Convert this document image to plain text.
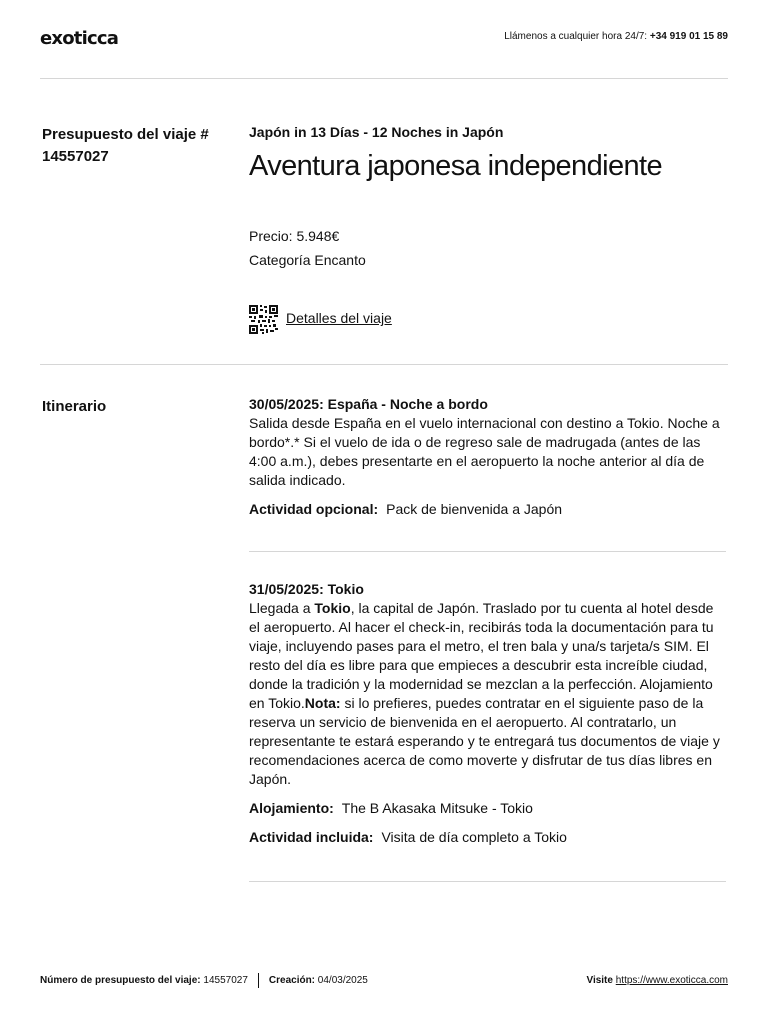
exoticca	Llámenos a cualquier hora 24/7: +34 919 01 15 89
Presupuesto del viaje #
14557027
Japón in 13 Días - 12 Noches in Japón
Aventura japonesa independiente
Precio: 5.948€
Categoría Encanto
Detalles del viaje
Itinerario	30/05/2025: España - Noche a bordo

Salida desde España en el vuelo internacional con destino a Tokio. Noche a bordo*.* Si el vuelo de ida o de regreso sale de madrugada (antes de las 4:00 a.m.), debes presentarte en el aeropuerto la noche anterior al día de salida indicado.

Actividad opcional: Pack de bienvenida a Japón
31/05/2025: Tokio

Llegada a Tokio, la capital de Japón. Traslado por tu cuenta al hotel desde el aeropuerto. Al hacer el check-in, recibirás toda la documentación para tu viaje, incluyendo pases para el metro, el tren bala y una/s tarjeta/s SIM. El resto del día es libre para que empieces a descubrir esta increíble ciudad, donde la tradición y la modernidad se mezclan a la perfección. Alojamiento en Tokio.Nota: si lo prefieres, puedes contratar en el siguiente paso de la reserva un servicio de bienvenida en el aeropuerto. Al contratarlo, un representante te estará esperando y te entregará tus documentos de viaje y recomendaciones acerca de como moverte y disfrutar de tus días libres en Japón.

Alojamiento: The B Akasaka Mitsuke - Tokio
Actividad incluida: Visita de día completo a Tokio
Número de presupuesto del viaje: 14557027 Creación: 04/03/2025	Visite https://www.exoticca.com
